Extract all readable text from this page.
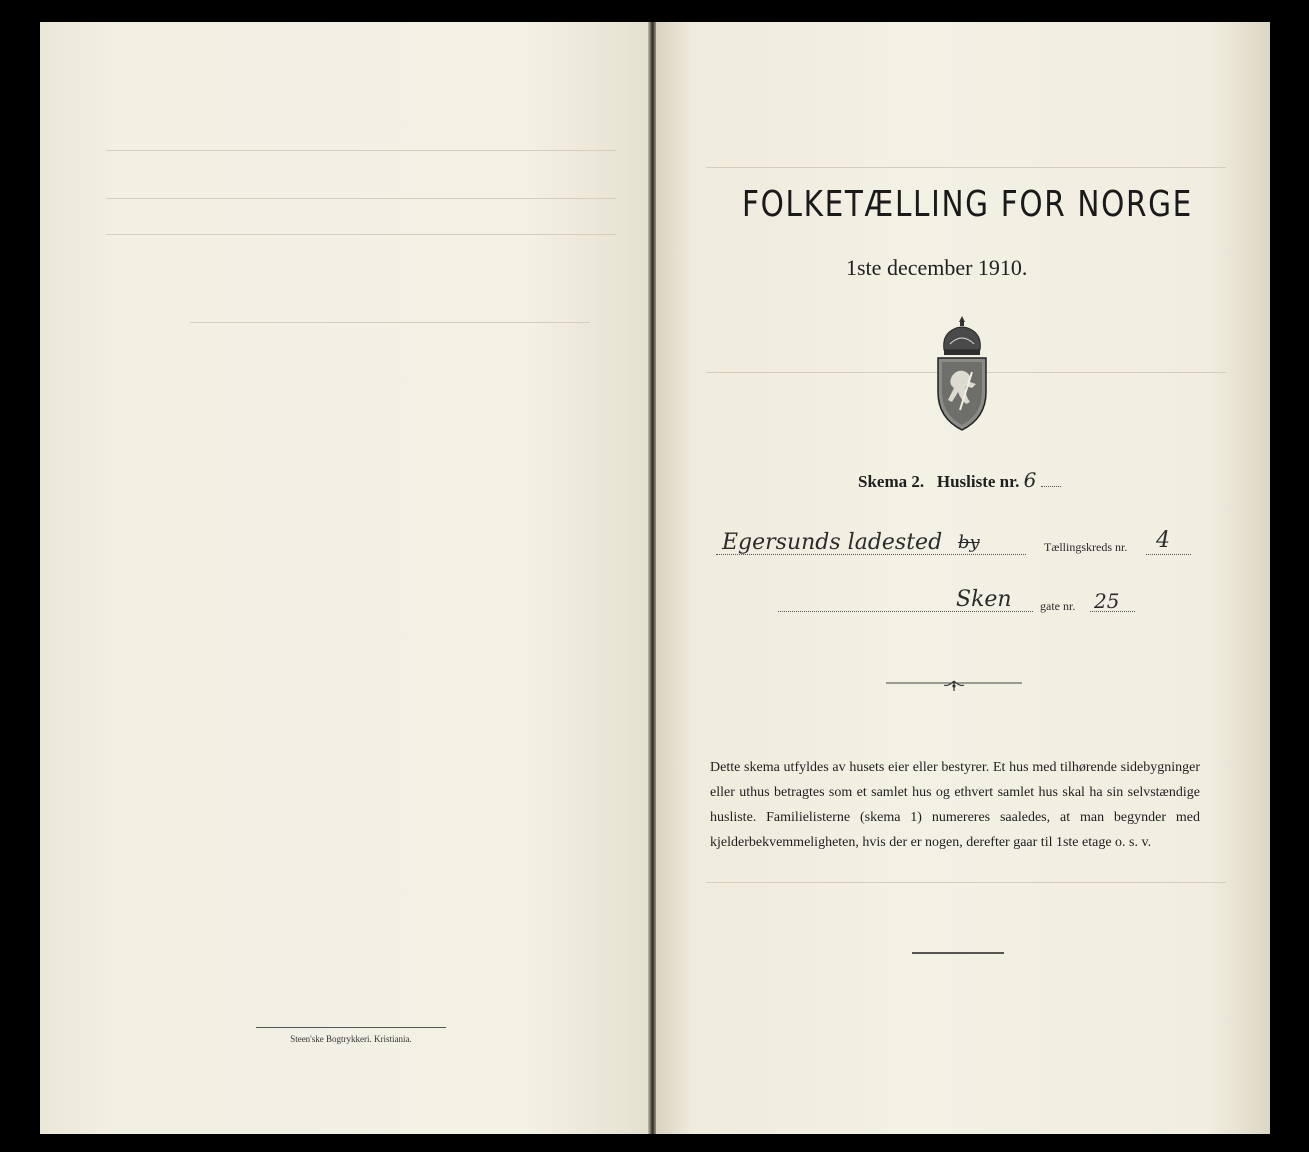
Steen'ske Bogtrykkeri. Kristiania.
FOLKETÆLLING FOR NORGE
1ste december 1910.
Skema 2. Husliste nr. 6
Egersunds ladested by	Tællingskreds nr. 4
Sken gate nr. 25
Dette skema utfyldes av husets eier eller bestyrer. Et hus med tilhørende sidebygninger eller uthus betragtes som et samlet hus og ethvert samlet hus skal ha sin selvstændige husliste. Familielisterne (skema 1) numereres saaledes, at man begynder med kjelderbekvemmeligheten, hvis der er nogen, derefter gaar til 1ste etage o. s. v.
